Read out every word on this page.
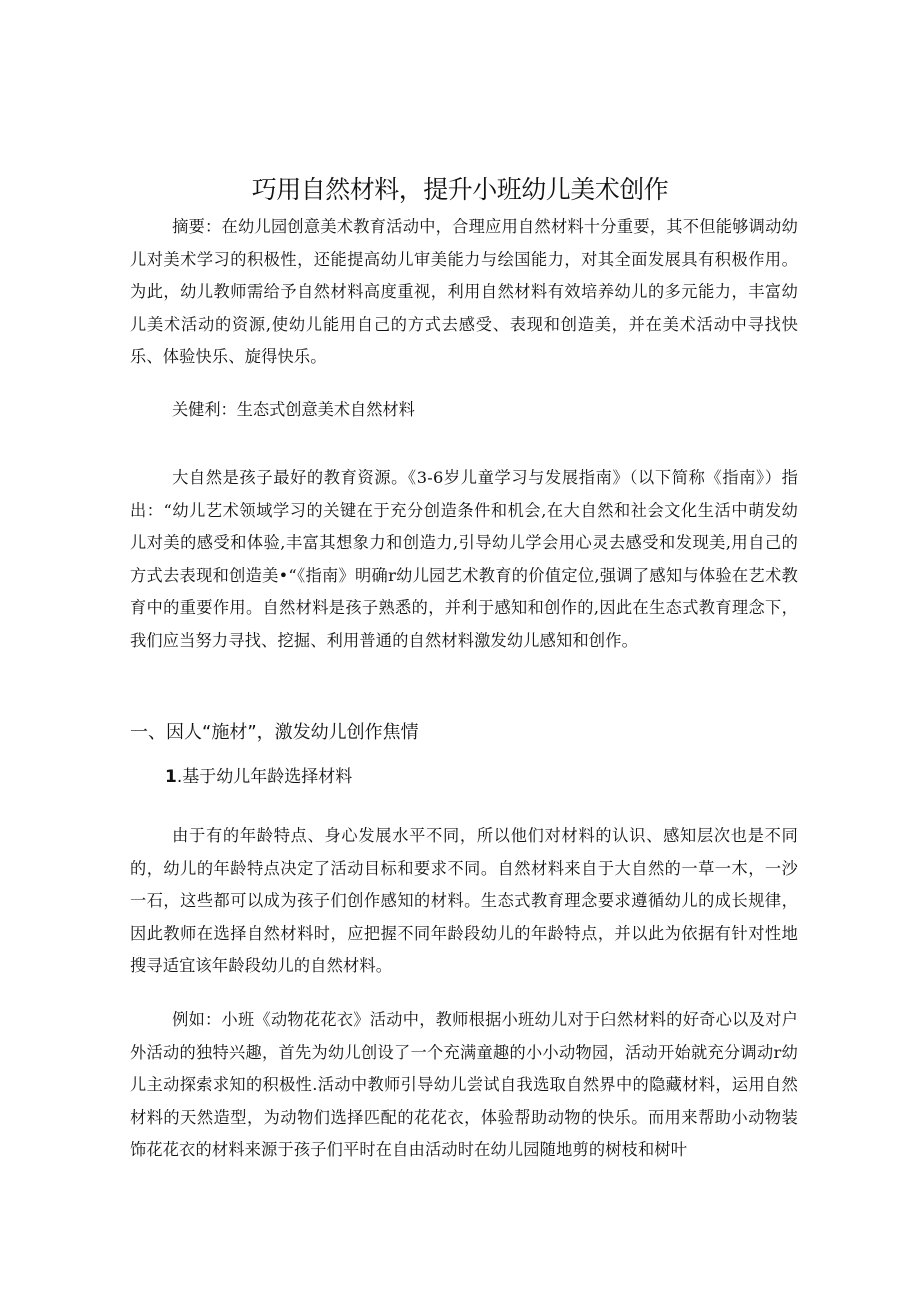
巧用自然材料，提升小班幼儿美术创作

摘要：在幼儿园创意美术教育活动中，合理应用自然材料十分重要，其不但能够调动幼儿对美术学习的积极性，还能提高幼儿审美能力与绘国能力，对其全面发展具有积极作用。为此，幼儿教师需给予自然材料高度重视，利用自然材料有效培养幼儿的多元能力，丰富幼儿美术活动的资源,使幼儿能用自己的方式去感受、表现和创造美，并在美术活动中寻找快乐、体验快乐、旋得快乐。

关健利：生态式创意美术自然材料

大自然是孩子最好的教育资源。《3-6岁儿童学习与发展指南》（以下简称《指南》）指出：“幼儿艺术领域学习的关键在于充分创造条件和机会,在大自然和社会文化生活中萌发幼儿对美的感受和体验,丰富其想象力和创造力,引导幼儿学会用心灵去感受和发现美,用自己的方式去表现和创造美•“《指南》明确r幼儿园艺术教育的价值定位,强调了感知与体验在艺术教育中的重要作用。自然材料是孩子熟悉的，并利于感知和创作的,因此在生态式教育理念下，我们应当努力寻找、挖掘、利用普通的自然材料激发幼儿感知和创作。

一、因人“施材”，激发幼儿创作焦情
1.基于幼儿年龄选择材料

由于有的年龄特点、身心发展水平不同，所以他们对材料的认识、感知层次也是不同的，幼儿的年龄特点决定了活动目标和要求不同。自然材料来自于大自然的一草一木，一沙一石，这些都可以成为孩子们创作感知的材料。生态式教育理念要求遵循幼儿的成长规律，因此教师在选择自然材料时，应把握不同年龄段幼儿的年龄特点，并以此为依据有针对性地搜寻适宜该年龄段幼儿的自然材料。

例如：小班《动物花花衣》活动中，教师根据小班幼儿对于臼然材料的好奇心以及对户外活动的独特兴趣，首先为幼儿创设了一个充满童趣的小小动物园，活动开始就充分调动r幼儿主动探索求知的积极性.活动中教师引导幼儿尝试自我选取自然界中的隐藏材料，运用自然材料的天然造型，为动物们选择匹配的花花衣，体验帮助动物的快乐。而用来帮助小动物装饰花花衣的材料来源于孩子们平时在自由活动时在幼儿园随地剪的树枝和树叶
